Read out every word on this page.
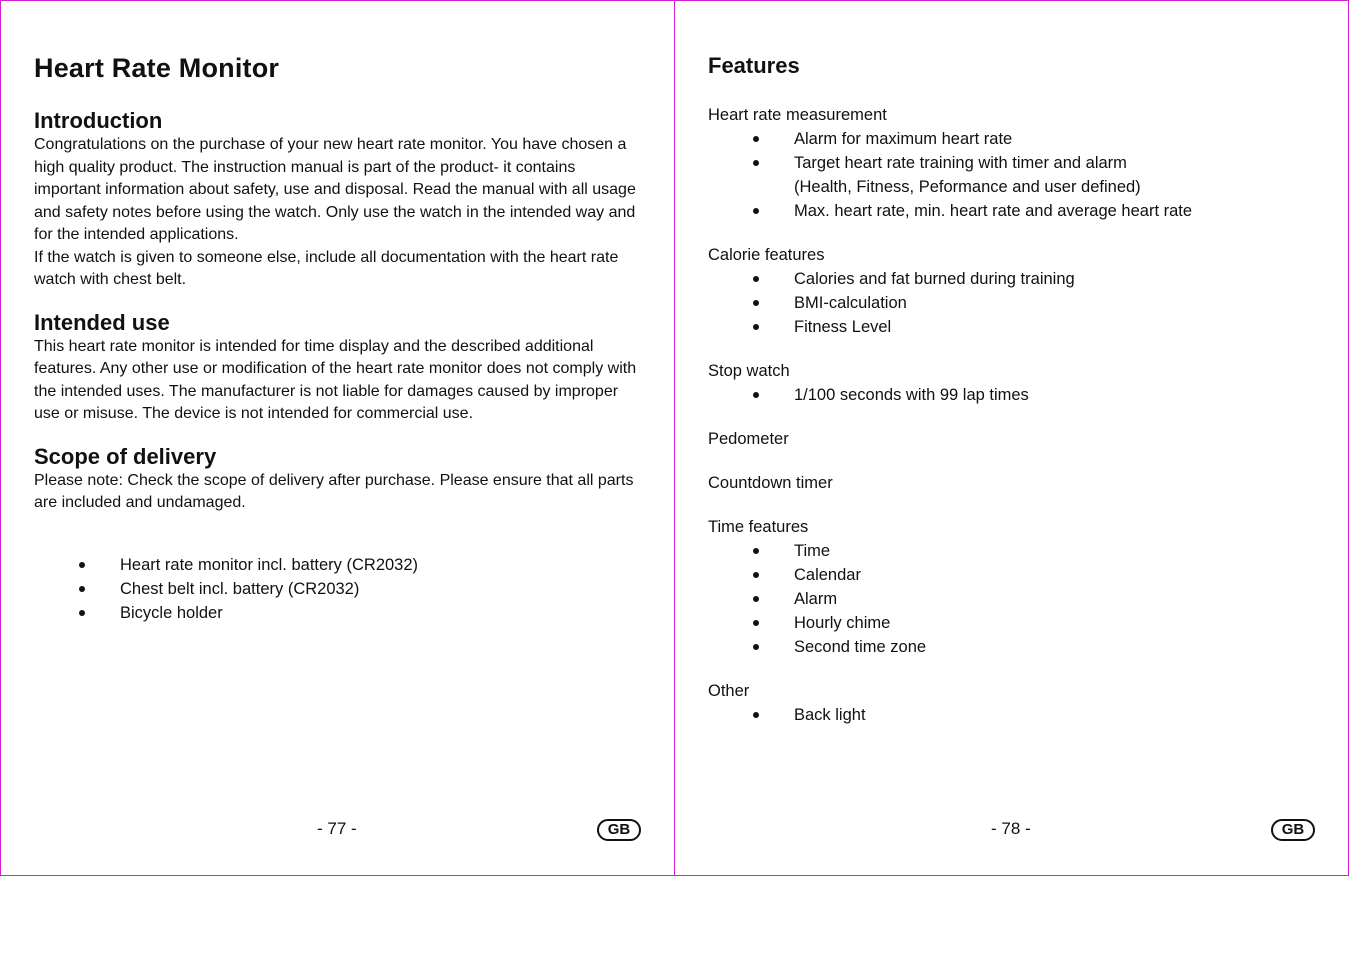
Heart Rate Monitor
Introduction

Congratulations on the purchase of your new heart rate monitor. You have chosen a high quality product. The instruction manual is part of the product- it contains important information about safety, use and disposal. Read the manual with all usage and safety notes before using the watch. Only use the watch in the intended way and for the intended applications.

If the watch is given to someone else, include all documentation with the heart rate watch with chest belt.

Intended use

This heart rate monitor is intended for time display and the described additional features. Any other use or modification of the heart rate monitor does not comply with the intended uses. The manufacturer is not liable for damages caused by improper use or misuse. The device is not intended for commercial use.

Scope of delivery

Please note: Check the scope of delivery after purchase. Please ensure that all parts are included and undamaged.

Heart rate monitor incl. battery (CR2032)
Chest belt incl. battery (CR2032)
Bicycle holder
- 77 -	GB
Features

Heart rate measurement

Alarm for maximum heart rate
Target heart rate training with timer and alarm
(Health, Fitness, Peformance and user defined)
Max. heart rate, min. heart rate and average heart rate

Calorie features

Calories and fat burned during training
BMI-calculation
Fitness Level

Stop watch

1/100 seconds with 99 lap times

Pedometer

Countdown timer

Time features

Time
Calendar
Alarm
Hourly chime
Second time zone

Other

Back light
- 78 -	GB
